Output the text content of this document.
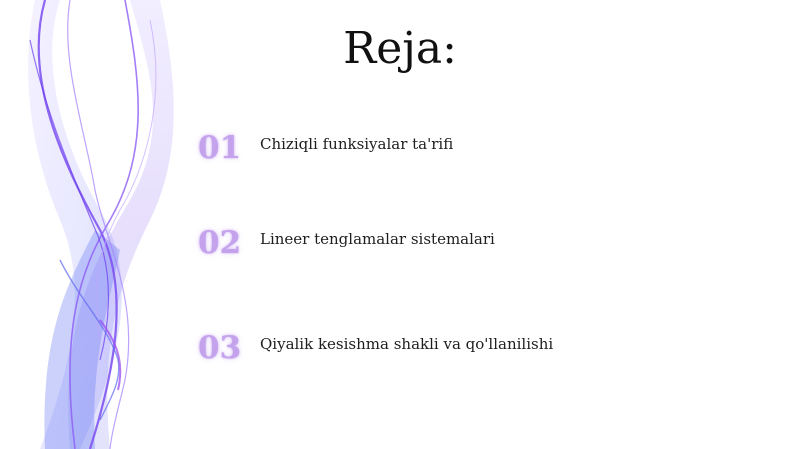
Reja:
01	Chiziqli funksiyalar ta'rifi
02	Lineer tenglamalar sistemalari
03	Qiyalik kesishma shakli va qo'llanilishi
